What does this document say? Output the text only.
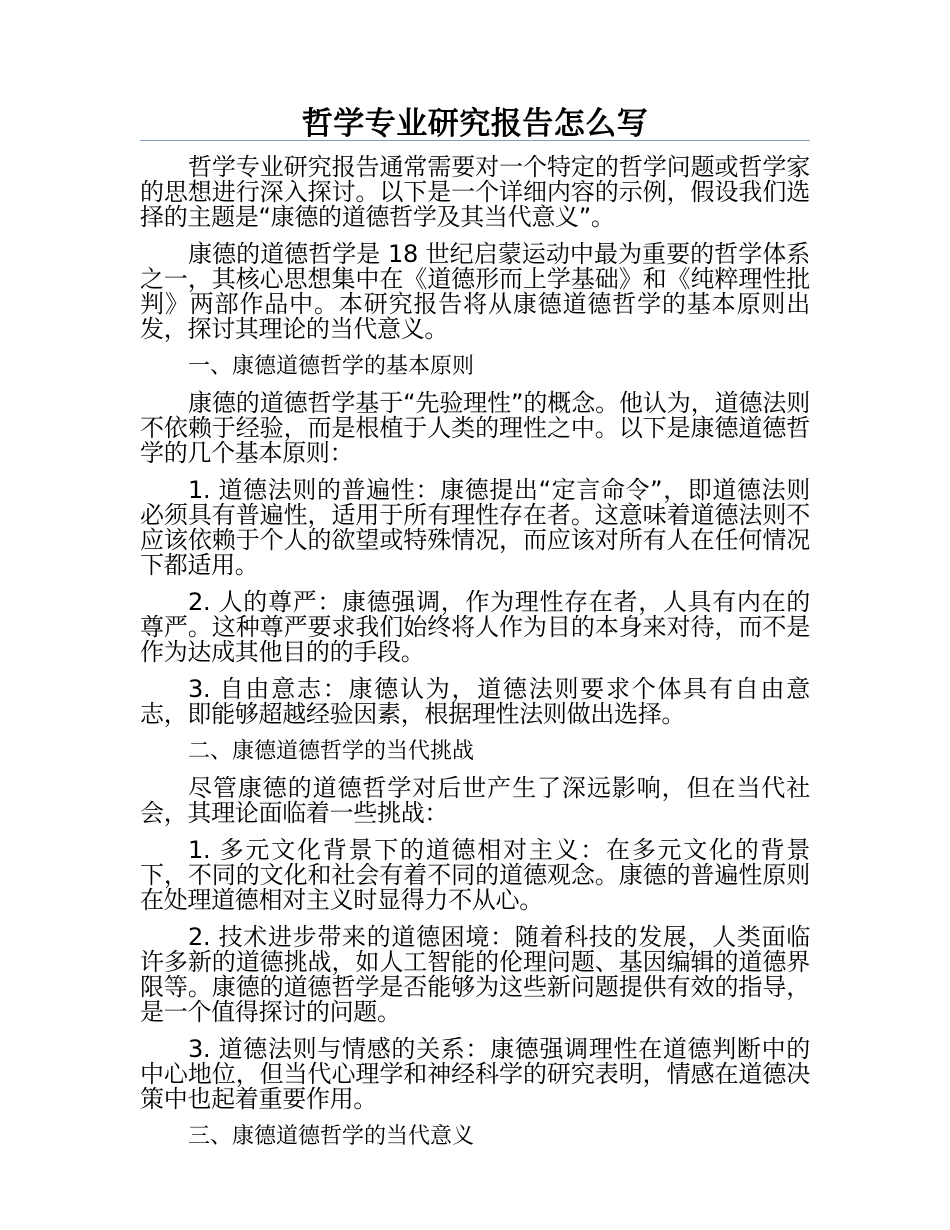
哲学专业研究报告怎么写

哲学专业研究报告通常需要对一个特定的哲学问题或哲学家的思想进行深入探讨。以下是一个详细内容的示例，假设我们选择的主题是“康德的道德哲学及其当代意义”。

康德的道德哲学是 18 世纪启蒙运动中最为重要的哲学体系之一，其核心思想集中在《道德形而上学基础》和《纯粹理性批判》两部作品中。本研究报告将从康德道德哲学的基本原则出发，探讨其理论的当代意义。

一、康德道德哲学的基本原则

康德的道德哲学基于“先验理性”的概念。他认为，道德法则不依赖于经验，而是根植于人类的理性之中。以下是康德道德哲学的几个基本原则：

1. 道德法则的普遍性：康德提出“定言命令”，即道德法则必须具有普遍性，适用于所有理性存在者。这意味着道德法则不应该依赖于个人的欲望或特殊情况，而应该对所有人在任何情况下都适用。

2. 人的尊严：康德强调，作为理性存在者，人具有内在的尊严。这种尊严要求我们始终将人作为目的本身来对待，而不是作为达成其他目的的手段。

3. 自由意志：康德认为，道德法则要求个体具有自由意志，即能够超越经验因素，根据理性法则做出选择。

二、康德道德哲学的当代挑战

尽管康德的道德哲学对后世产生了深远影响，但在当代社会，其理论面临着一些挑战：

1. 多元文化背景下的道德相对主义：在多元文化的背景下，不同的文化和社会有着不同的道德观念。康德的普遍性原则在处理道德相对主义时显得力不从心。

2. 技术进步带来的道德困境：随着科技的发展，人类面临许多新的道德挑战，如人工智能的伦理问题、基因编辑的道德界限等。康德的道德哲学是否能够为这些新问题提供有效的指导，是一个值得探讨的问题。

3. 道德法则与情感的关系：康德强调理性在道德判断中的中心地位，但当代心理学和神经科学的研究表明，情感在道德决策中也起着重要作用。

三、康德道德哲学的当代意义
